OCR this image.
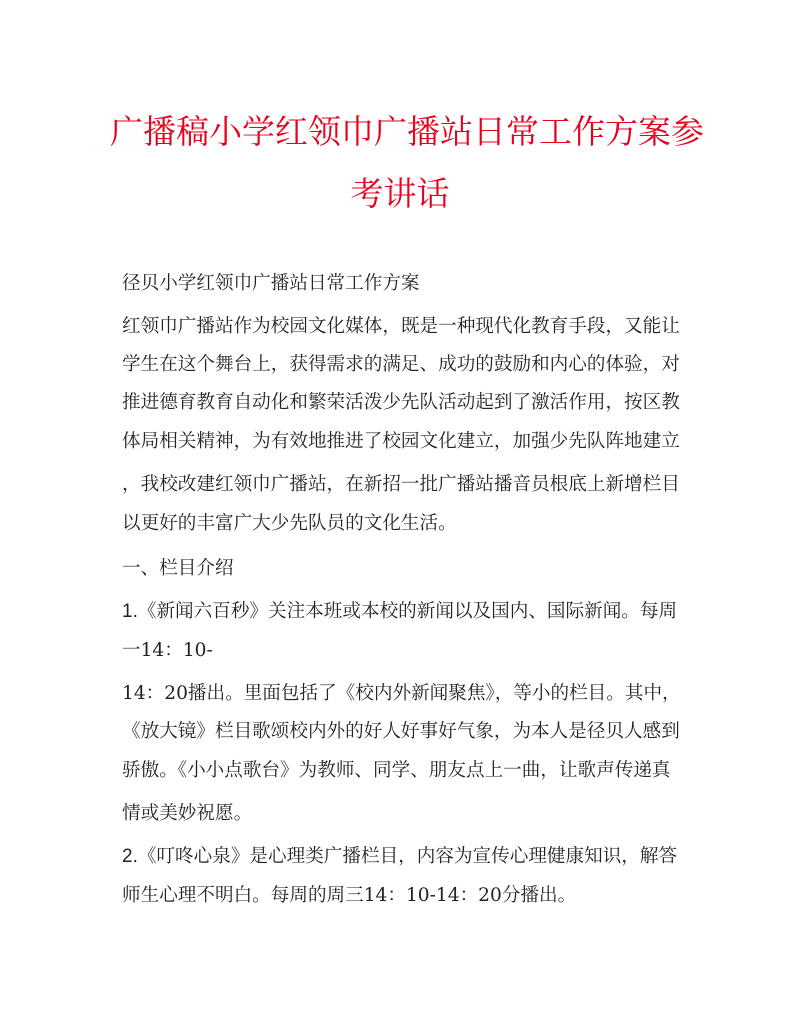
广播稿小学红领巾广播站日常工作方案参
考讲话
径贝小学红领巾广播站日常工作方案
红领巾广播站作为校园文化媒体，既是一种现代化教育手段，又能让
学生在这个舞台上，获得需求的满足、成功的鼓励和内心的体验，对
推进德育教育自动化和繁荣活泼少先队活动起到了激活作用，按区教
体局相关精神，为有效地推进了校园文化建立，加强少先队阵地建立
，我校改建红领巾广播站，在新招一批广播站播音员根底上新增栏目
以更好的丰富广大少先队员的文化生活。
一、栏目介绍
1.《新闻六百秒》关注本班或本校的新闻以及国内、国际新闻。每周
一14：10-
14：20播出。里面包括了《校内外新闻聚焦》，等小的栏目。其中，
《放大镜》栏目歌颂校内外的好人好事好气象，为本人是径贝人感到
骄傲。《小小点歌台》为教师、同学、朋友点上一曲，让歌声传递真
情或美妙祝愿。
2.《叮咚心泉》是心理类广播栏目，内容为宣传心理健康知识，解答
师生心理不明白。每周的周三14：10-14：20分播出。
